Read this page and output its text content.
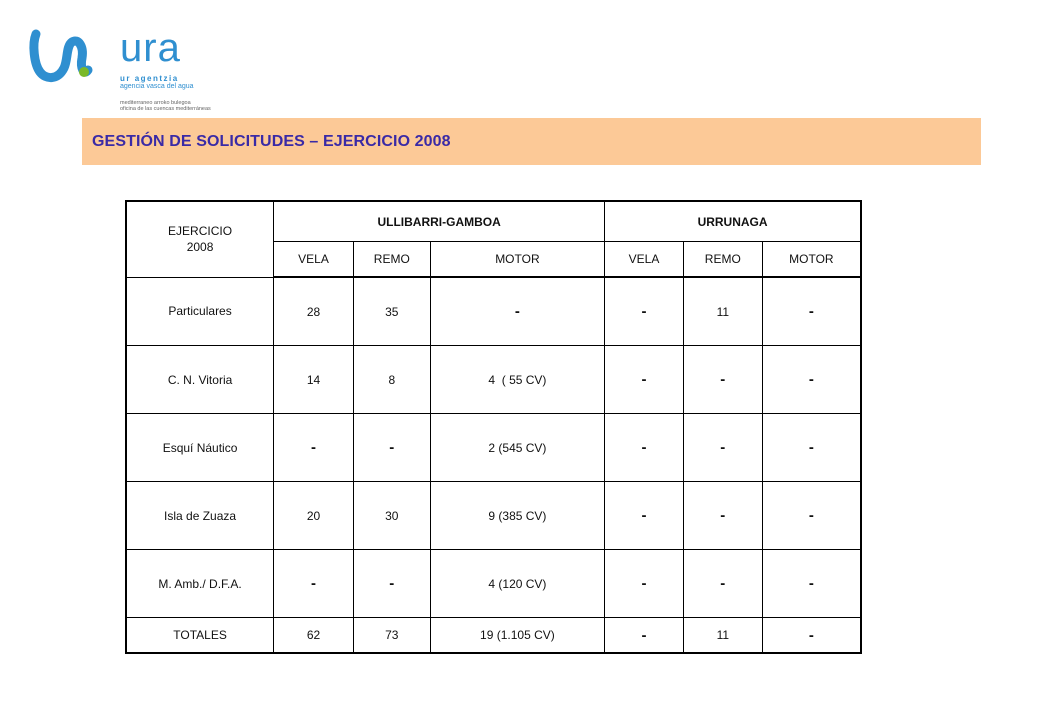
ura
ur agentzia
agencia vasca del agua
mediterraneo arroko bulegoa
oficina de las cuencas mediterráneas
GESTIÓN DE SOLICITUDES – EJERCICIO 2008
EJERCICIO
2008	ULLIBARRI-GAMBOA			URRUNAGA		
	VELA	REMO	MOTOR	VELA	REMO	MOTOR
Particulares	28	35	-	-	11	-
C. N. Vitoria	14	8	4  ( 55 CV)	-	-	-
Esquí Náutico	-	-	2 (545 CV)	-	-	-
Isla de Zuaza	20	30	9 (385 CV)	-	-	-
M. Amb./ D.F.A.	-	-	4 (120 CV)	-	-	-
TOTALES	62	73	19 (1.105 CV)	-	11	-
